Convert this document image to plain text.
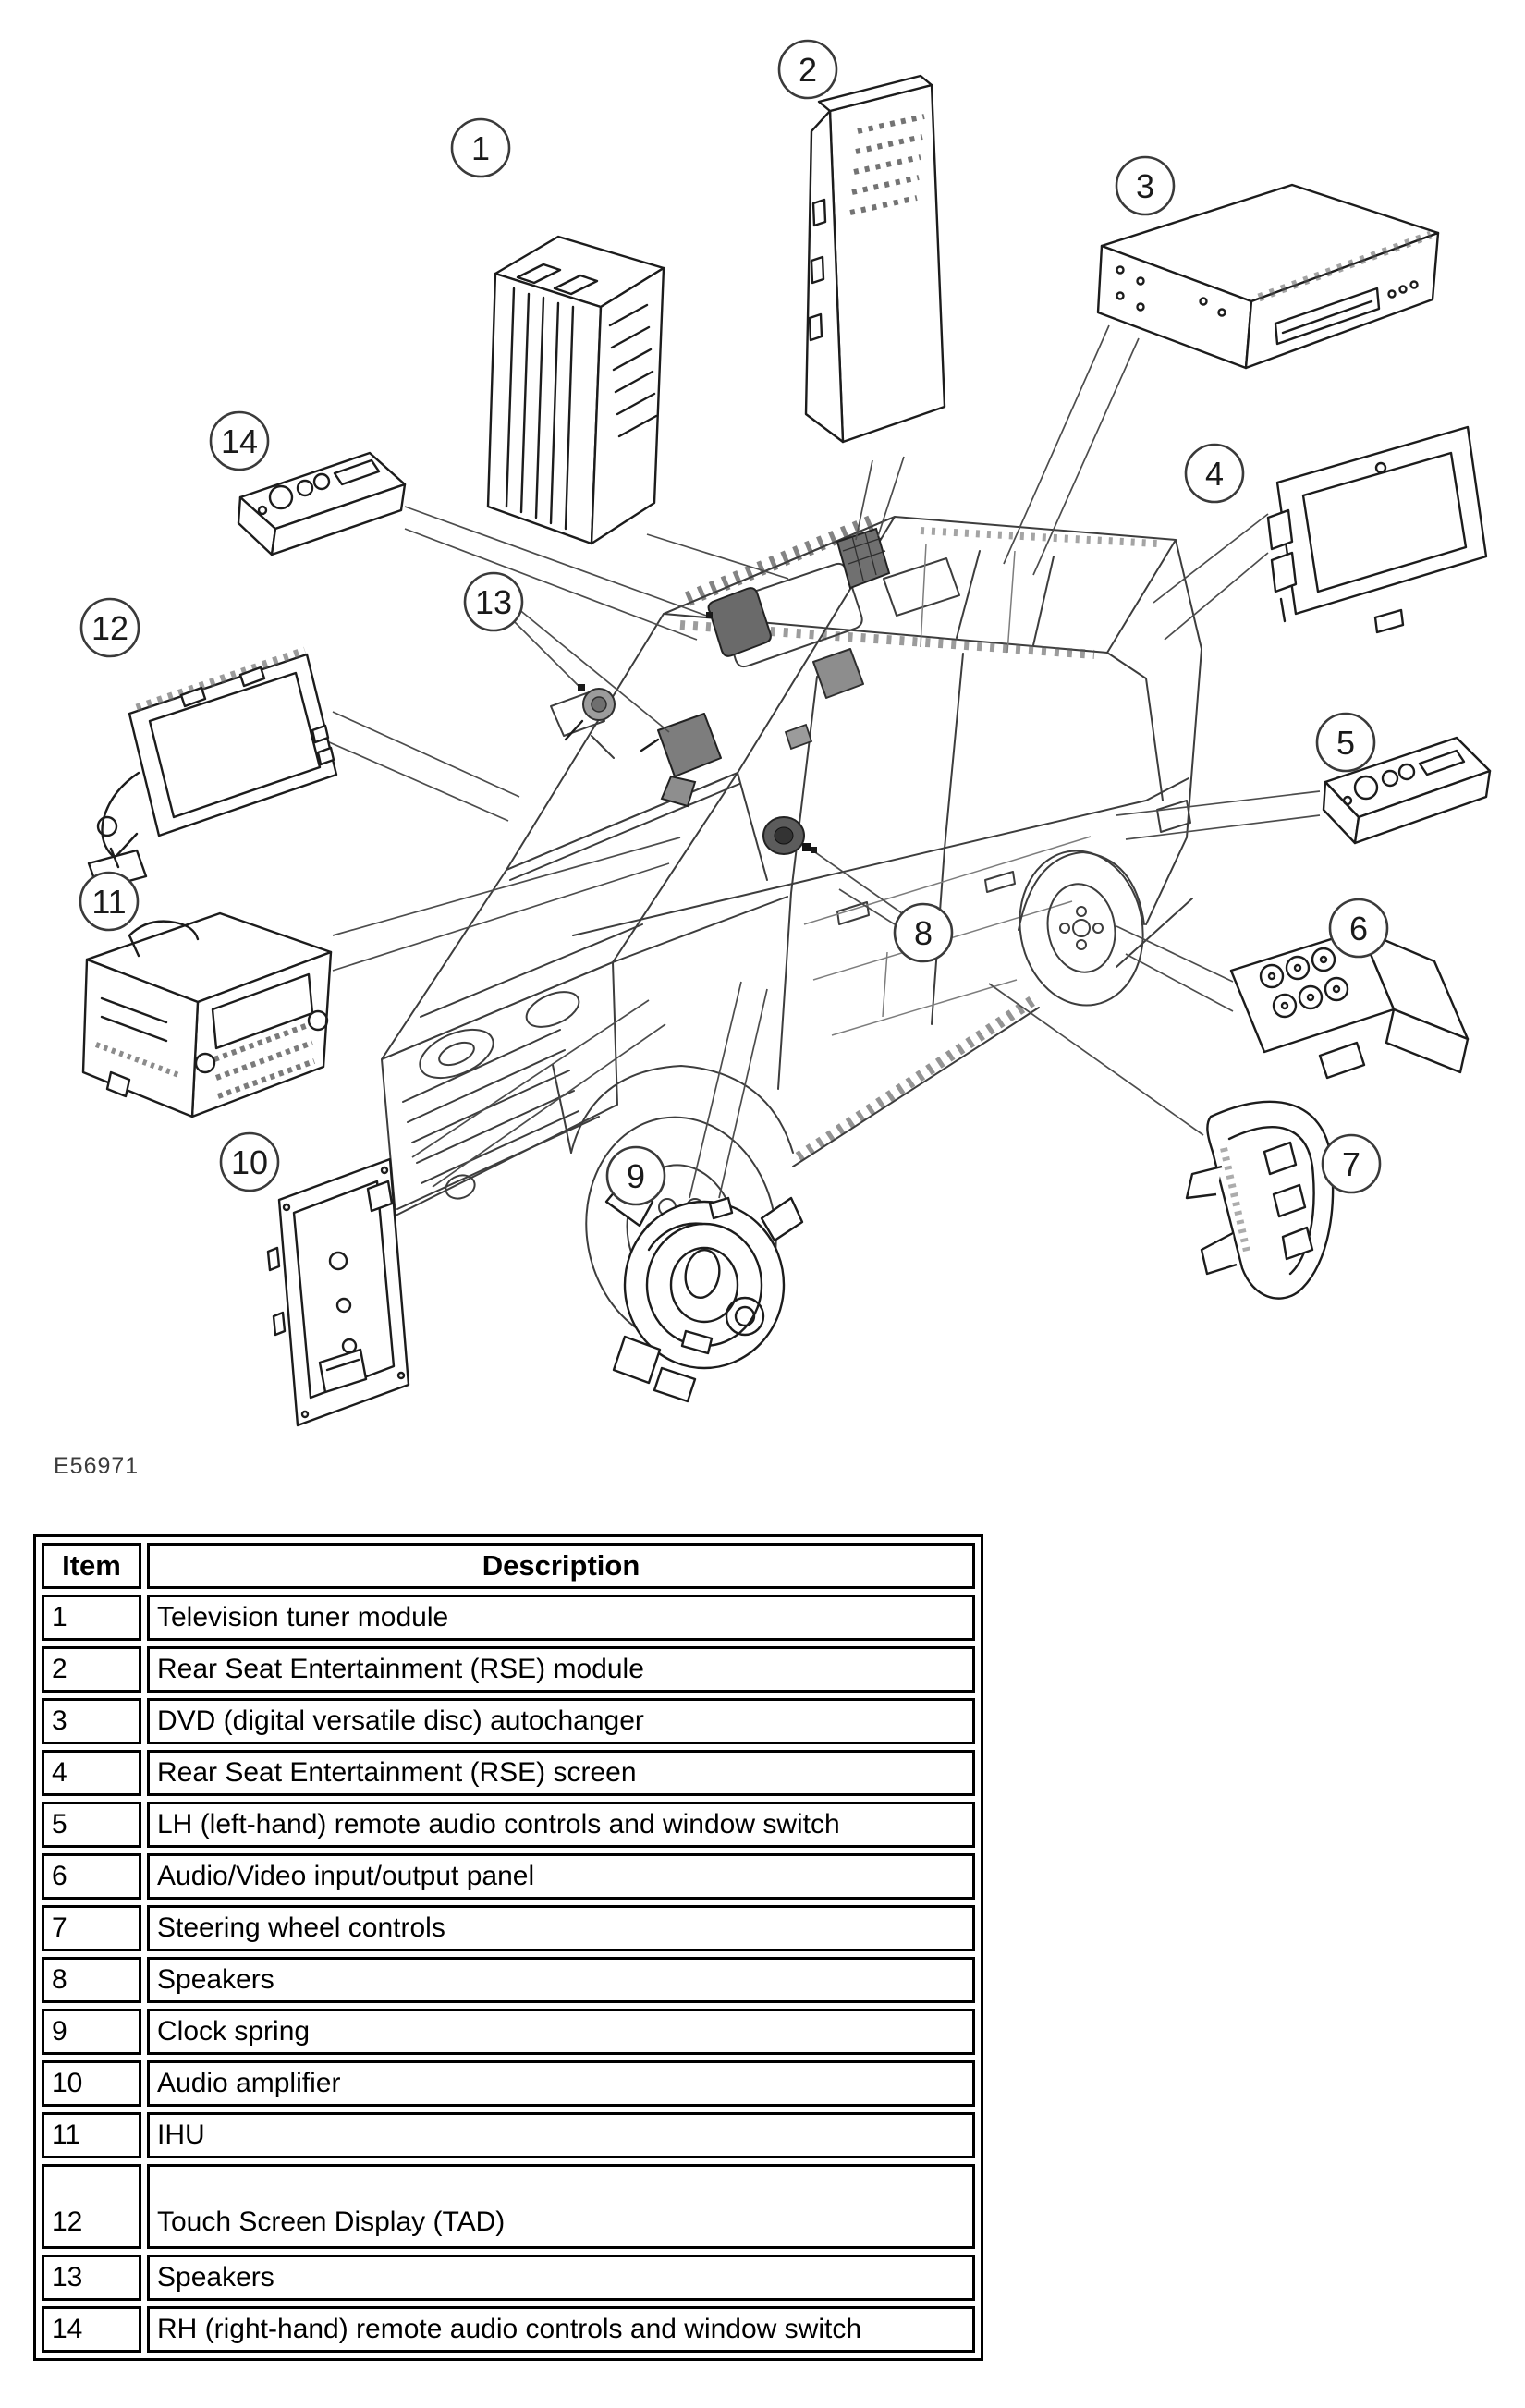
1
2
3
4
5
6
7
8
9
10
11
12
13
14
E56971
Item	Description
1	Television tuner module
2	Rear Seat Entertainment (RSE) module
3	DVD (digital versatile disc) autochanger
4	Rear Seat Entertainment (RSE) screen
5	LH (left-hand) remote audio controls and window switch
6	Audio/Video input/output panel
7	Steering wheel controls
8	Speakers
9	Clock spring
10	Audio amplifier
11	IHU
12	Touch Screen Display (TAD)
13	Speakers
14	RH (right-hand) remote audio controls and window switch
